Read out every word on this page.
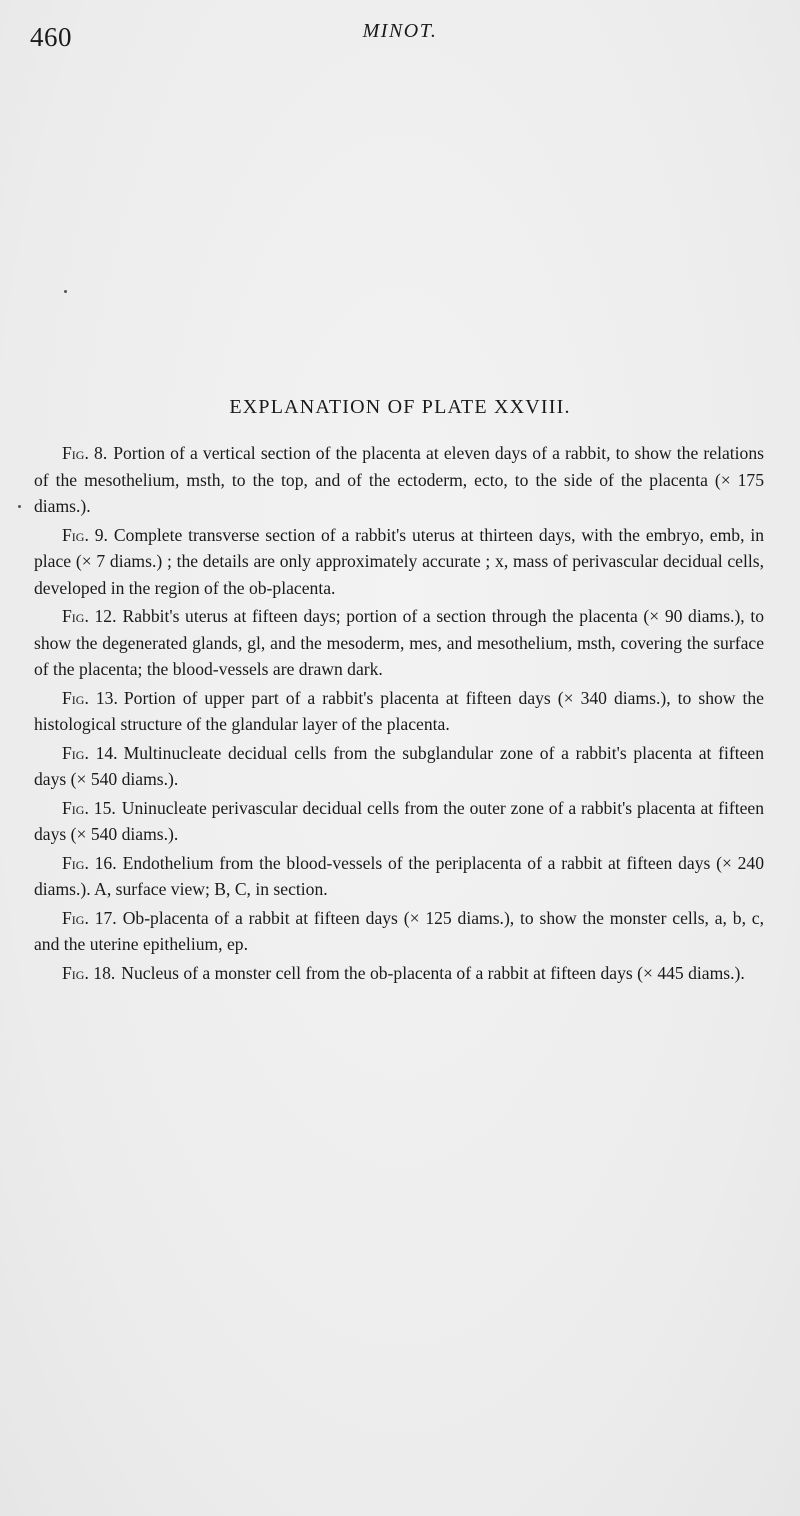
460	MINOT.
EXPLANATION OF PLATE XXVIII.

Fig. 8. Portion of a vertical section of the placenta at eleven days of a rabbit, to show the relations of the mesothelium, msth, to the top, and of the ectoderm, ecto, to the side of the placenta (× 175 diams.).

Fig. 9. Complete transverse section of a rabbit's uterus at thirteen days, with the embryo, emb, in place (× 7 diams.) ; the details are only approximately accurate ; x, mass of perivascular decidual cells, developed in the region of the ob-placenta.

Fig. 12. Rabbit's uterus at fifteen days; portion of a section through the placenta (× 90 diams.), to show the degenerated glands, gl, and the mesoderm, mes, and mesothelium, msth, covering the surface of the placenta; the blood-vessels are drawn dark.

Fig. 13. Portion of upper part of a rabbit's placenta at fifteen days (× 340 diams.), to show the histological structure of the glandular layer of the placenta.

Fig. 14. Multinucleate decidual cells from the subglandular zone of a rabbit's placenta at fifteen days (× 540 diams.).

Fig. 15. Uninucleate perivascular decidual cells from the outer zone of a rabbit's placenta at fifteen days (× 540 diams.).

Fig. 16. Endothelium from the blood-vessels of the periplacenta of a rabbit at fifteen days (× 240 diams.). A, surface view; B, C, in section.

Fig. 17. Ob-placenta of a rabbit at fifteen days (× 125 diams.), to show the monster cells, a, b, c, and the uterine epithelium, ep.

Fig. 18. Nucleus of a monster cell from the ob-placenta of a rabbit at fifteen days (× 445 diams.).
